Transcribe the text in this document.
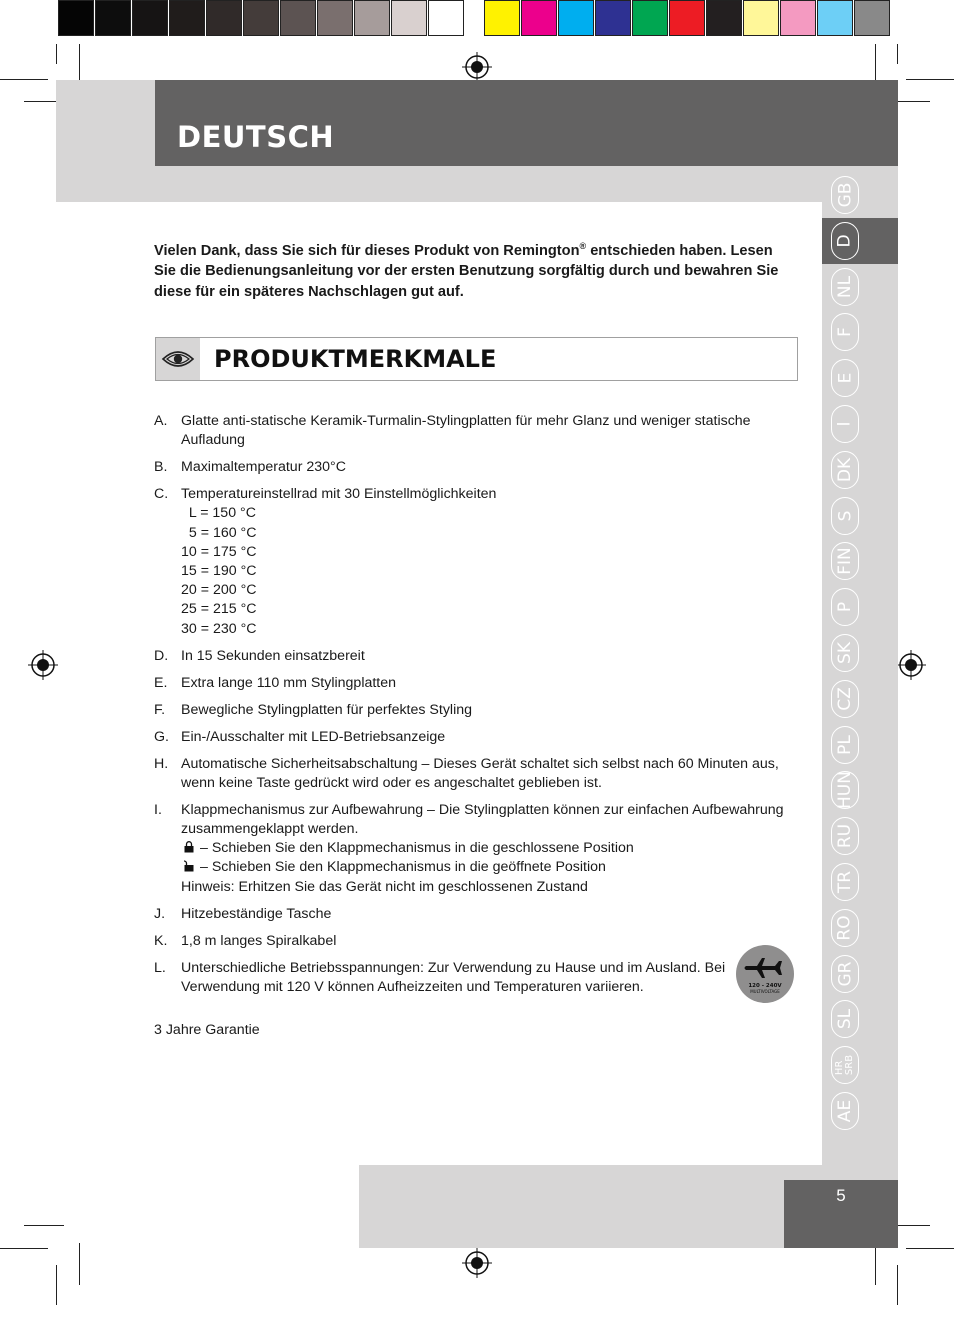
DEUTSCH
GB
D
NL
F
E
I
DK
S
FIN
P
SK
CZ
PL
HUN
RU
TR
RO
GR
SL
HR SRB
AE
Vielen Dank, dass Sie sich für dieses Produkt von Remington® entschieden haben. Lesen Sie die Bedienungsanleitung vor der ersten Benutzung sorgfältig durch und bewahren Sie diese für ein späteres Nachschlagen gut auf.
PRODUKTMERKMALE
A. Glatte anti-statische Keramik-Turmalin-Stylingplatten für mehr Glanz und weniger statische Aufladung
B. Maximaltemperatur 230°C
C. Temperatureinstellrad mit 30 Einstellmöglichkeiten
L = 150 °C
5 = 160 °C
10 = 175 °C
15 = 190 °C
20 = 200 °C
25 = 215 °C
30 = 230 °C
D. In 15 Sekunden einsatzbereit
E. Extra lange 110 mm Stylingplatten
F. Bewegliche Stylingplatten für perfektes Styling
G. Ein-/Ausschalter mit LED-Betriebsanzeige
H. Automatische Sicherheitsabschaltung – Dieses Gerät schaltet sich selbst nach 60 Minuten aus, wenn keine Taste gedrückt wird oder es angeschaltet geblieben ist.
I. Klappmechanismus zur Aufbewahrung – Die Stylingplatten können zur einfachen Aufbewahrung zusammengeklappt werden.
– Schieben Sie den Klappmechanismus in die geschlossene Position
– Schieben Sie den Klappmechanismus in die geöffnete Position
Hinweis: Erhitzen Sie das Gerät nicht im geschlossenen Zustand
J. Hitzebeständige Tasche
K. 1,8 m langes Spiralkabel
L. Unterschiedliche Betriebsspannungen: Zur Verwendung zu Hause und im Ausland. Bei Verwendung mit 120 V können Aufheizzeiten und Temperaturen variieren.	120 - 240V
MULTIVOLTAGE
3 Jahre Garantie
5
